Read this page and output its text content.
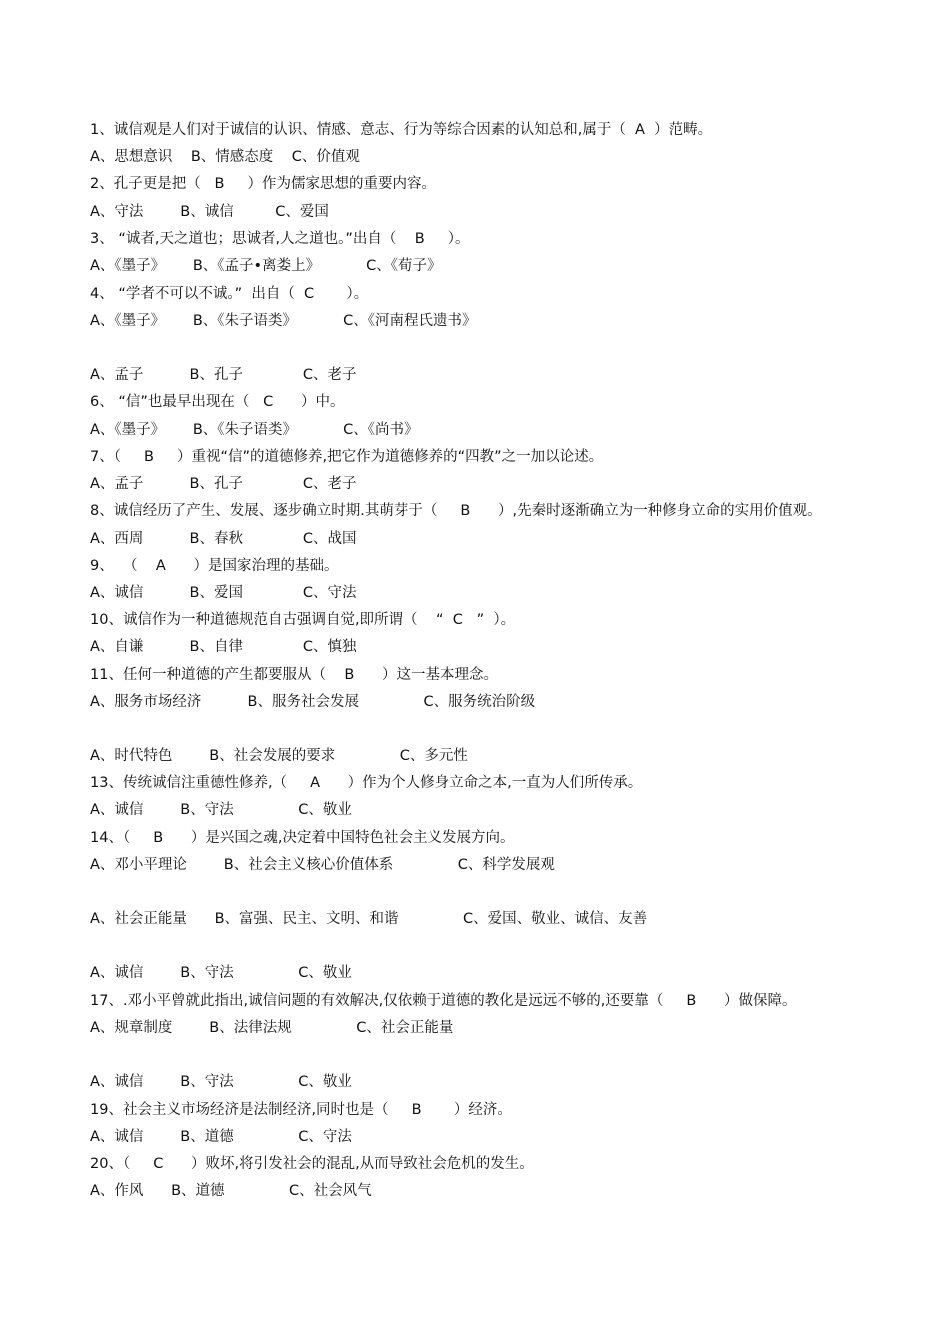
1、诚信观是人们对于诚信的认识、情感、意志、行为等综合因素的认知总和,属于（  A  ）范畴。
A、思想意识    B、情感态度    C、价值观
2、孔子更是把（   B     ）作为儒家思想的重要内容。
A、守法        B、诚信         C、爱国
3、 “诚者,天之道也；思诚者,人之道也。”出自（    B     ）。
A、《墨子》      B、《孟子•离娄上》          C、《荀子》
4、 “学者不可以不诚。”  出自（  C       ）。
A、《墨子》      B、《朱子语类》          C、《河南程氏遗书》

A、孟子          B、孔子             C、老子
6、 “信”也最早出现在（   C      ）中。
A、《墨子》      B、《朱子语类》          C、《尚书》
7、（     B     ）重视“信”的道德修养,把它作为道德修养的“四教”之一加以论述。
A、孟子          B、孔子             C、老子
8、诚信经历了产生、发展、逐步确立时期.其萌芽于（     B      ）,先秦时逐渐确立为一种修身立命的实用价值观。
A、西周          B、春秋             C、战国
9、  （    A      ）是国家治理的基础。
A、诚信          B、爱国             C、守法
10、诚信作为一种道德规范自古强调自觉,即所谓（    “  C   ”  ）。
A、自谦          B、自律             C、慎独
11、任何一种道德的产生都要服从（    B      ）这一基本理念。
A、服务市场经济          B、服务社会发展              C、服务统治阶级

A、时代特色        B、社会发展的要求              C、多元性
13、传统诚信注重德性修养,（     A      ）作为个人修身立命之本,一直为人们所传承。
A、诚信        B、守法              C、敬业
14、（     B      ）是兴国之魂,决定着中国特色社会主义发展方向。
A、邓小平理论        B、社会主义核心价值体系              C、科学发展观

A、社会正能量      B、富强、民主、文明、和谐              C、爱国、敬业、诚信、友善

A、诚信        B、守法              C、敬业
17、.邓小平曾就此指出,诚信问题的有效解决,仅依赖于道德的教化是远远不够的,还要靠（     B      ）做保障。
A、规章制度        B、法律法规              C、社会正能量

A、诚信        B、守法              C、敬业
19、社会主义市场经济是法制经济,同时也是（     B       ）经济。
A、诚信        B、道德              C、守法
20、（     C      ）败坏,将引发社会的混乱,从而导致社会危机的发生。
A、作风      B、道德              C、社会风气
